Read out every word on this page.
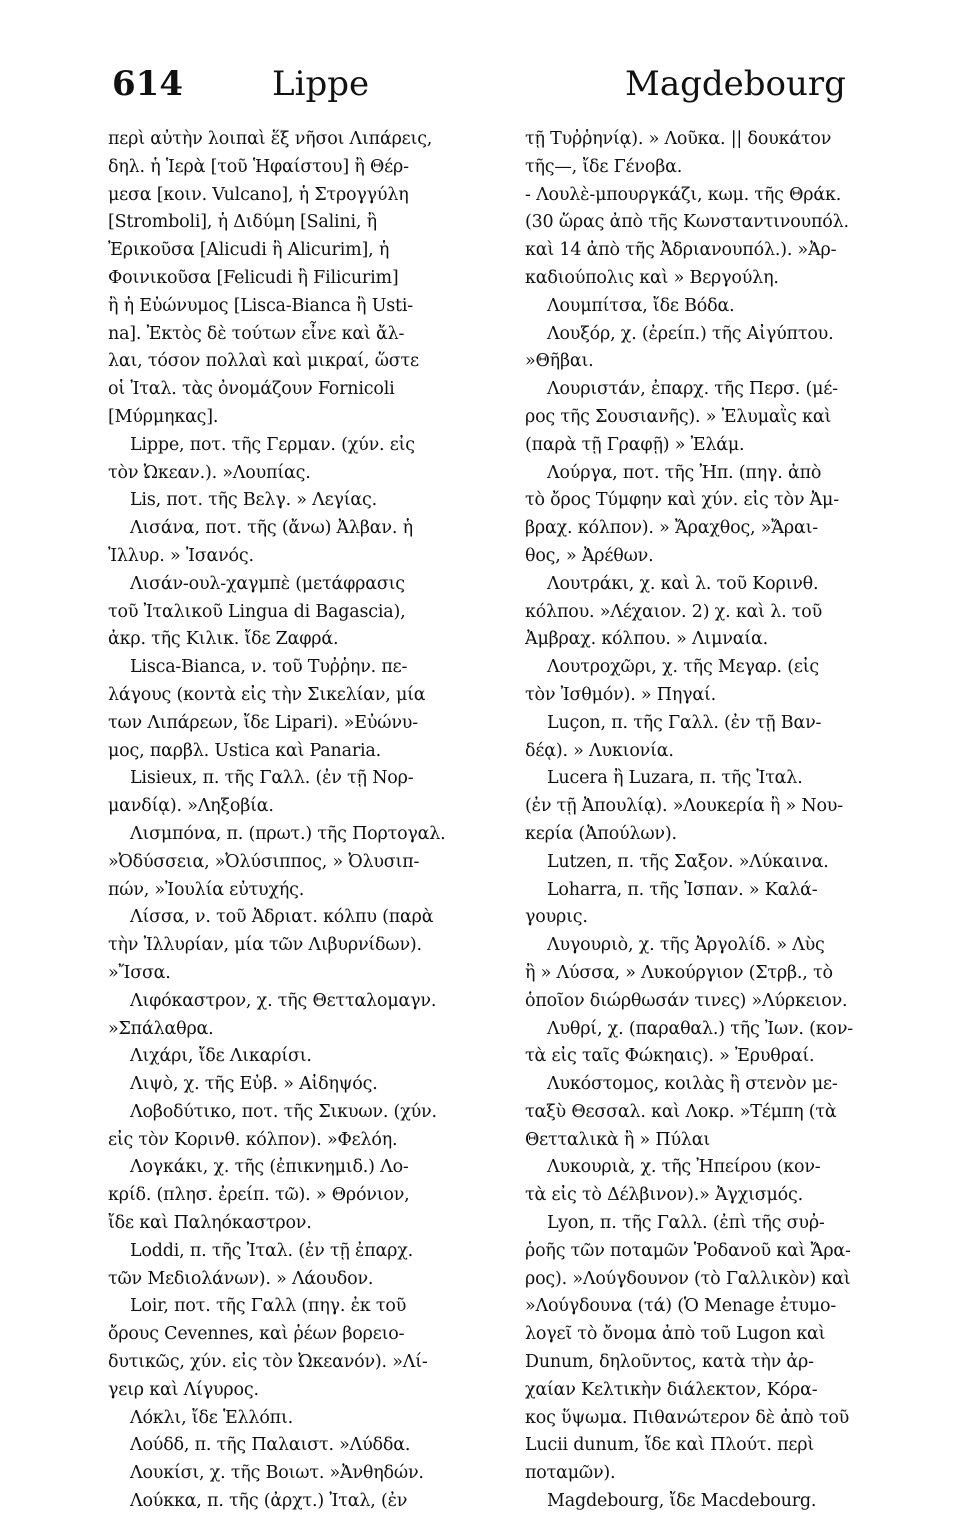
614	Lippe	Magdebourg
περὶ αὐτὴν λοιπαὶ ἕξ νῆσοι Λιπάρεις,
δηλ. ἡ Ἱερὰ [τοῦ Ἡφαίστου] ἢ Θέρ-
μεσα [κοιν. Vulcano], ἡ Στρογγύλη
[Stromboli], ἡ Διδύμη [Salini, ἢ
Ἐρικοῦσα [Alicudi ἢ Alicurim], ἡ
Φοινικοῦσα [Felicudi ἢ Filicurim]
ἢ ἡ Εὐώνυμος [Lisca-Bianca ἢ Usti-
na]. Ἐκτὸς δὲ τούτων εἶνε καὶ ἄλ-
λαι, τόσον πολλαὶ καὶ μικραί, ὥστε
οἱ Ἰταλ. τὰς ὀνομάζουν Fornicoli
[Μύρμηκας].
Lippe, ποτ. τῆς Γερμαν. (χύν. εἰς
τὸν Ὠκεαν.). »Λουπίας.
Lis, ποτ. τῆς Βελγ. » Λεγίας.
Λισάνα, ποτ. τῆς (ἄνω) Ἀλβαν. ἡ
Ἰλλυρ. » Ἰσανός.
Λισάν-ουλ-χαγμπὲ (μετάφρασις
τοῦ Ἰταλικοῦ Lingua di Bagascia),
ἀκρ. τῆς Κιλικ. ἴδε Ζαφρά.
Lisca-Bianca, ν. τοῦ Τυῤῥην. πε-
λάγους (κοντὰ εἰς τὴν Σικελίαν, μία
των Λιπάρεων, ἴδε Lipari). »Εὐώνυ-
μος, παρβλ. Ustica καὶ Panaria.
Lisieux, π. τῆς Γαλλ. (ἐν τῇ Νορ-
μανδίᾳ). »Ληξοβία.
Λισμπόνα, π. (πρωτ.) τῆς Πορτογαλ.
»Ὀδύσσεια, »Ὀλύσιππος, » Ὀλυσιπ-
πών, »Ἰουλία εὐτυχής.
Λίσσα, ν. τοῦ Ἀδριατ. κόλπυ (παρὰ
τὴν Ἰλλυρίαν, μία τῶν Λιβυρνίδων).
»Ἴσσα.
Λιφόκαστρον, χ. τῆς Θετταλομαγν.
»Σπάλαθρα.
Λιχάρι, ἴδε Λικαρίσι.
Λιψὸ, χ. τῆς Εὐβ. » Αἰδηψός.
Λοβοδύτικο, ποτ. τῆς Σικυων. (χύν.
εἰς τὸν Κορινθ. κόλπον). »Φελόη.
Λογκάκι, χ. τῆς (ἐπικνημιδ.) Λο-
κρίδ. (πλησ. ἐρείπ. τῶ). » Θρόνιον,
ἴδε καὶ Παληόκαστρον.
Loddi, π. τῆς Ἰταλ. (ἐν τῇ ἐπαρχ.
τῶν Μεδιολάνων). » Λάουδον.
Loir, ποτ. τῆς Γαλλ (πηγ. ἐκ τοῦ
ὄρους Cevennes, καὶ ῥέων βορειο-
δυτικῶς, χύν. εἰς τὸν Ὠκεανόν). »Λί-
γειρ καὶ Λίγυρος.
Λόκλι, ἴδε Ἑλλόπι.
Λούδδ, π. τῆς Παλαιστ. »Λύδδα.
Λουκίσι, χ. τῆς Βοιωτ. »Ἀνθηδών.
Λούκκα, π. τῆς (ἀρχτ.) Ἰταλ, (ἐν
τῇ Τυῤῥηνίᾳ). » Λοῦκα. || δουκάτον
τῆς—, ἴδε Γένοβα.
- Λουλὲ-μπουργκάζι, κωμ. τῆς Θράκ.
(30 ὥρας ἀπὸ τῆς Κωνσταντινουπόλ.
καὶ 14 ἀπὸ τῆς Ἀδριανουπόλ.). »Ἀρ-
καδιούπολις καὶ » Βεργούλη.
Λουμπίτσα, ἴδε Βόδα.
Λουξόρ, χ. (ἐρείπ.) τῆς Αἰγύπτου.
»Θῆβαι.
Λουριστάν, ἐπαρχ. τῆς Περσ. (μέ-
ρος τῆς Σουσιανῆς). » Ἐλυμαῒς καὶ
(παρὰ τῇ Γραφῇ) » Ἐλάμ.
Λούργα, ποτ. τῆς Ἠπ. (πηγ. ἀπὸ
τὸ ὄρος Τύμφην καὶ χύν. εἰς τὸν Ἀμ-
βραχ. κόλπον). » Ἄραχθος, »Ἄραι-
θος, » Ἀρέθων.
Λουτράκι, χ. καὶ λ. τοῦ Κορινθ.
κόλπου. »Λέχαιον. 2) χ. καὶ λ. τοῦ
Ἀμβραχ. κόλπου. » Λιμναία.
Λουτροχῶρι, χ. τῆς Μεγαρ. (εἰς
τὸν Ἰσθμόν). » Πηγαί.
Luçon, π. τῆς Γαλλ. (ἐν τῇ Βαν-
δέᾳ). » Λυκιονία.
Lucera ἢ Luzara, π. τῆς Ἰταλ.
(ἐν τῇ Ἀπουλίᾳ). »Λουκερία ἢ » Νου-
κερία (Ἀπούλων).
Lutzen, π. τῆς Σαξον. »Λύκαινα.
Loharra, π. τῆς Ἰσπαν. » Καλά-
γουρις.
Λυγουριὸ, χ. τῆς Ἀργολίδ. » Λὺς
ἢ » Λύσσα, » Λυκούργιον (Στρβ., τὸ
ὁποῖον διώρθωσάν τινες) »Λύρκειον.
Λυθρί, χ. (παραθαλ.) τῆς Ἰων. (κον-
τὰ εἰς ταῖς Φώκηαις). » Ἐρυθραί.
Λυκόστομος, κοιλὰς ἢ στενὸν με-
ταξὺ Θεσσαλ. καὶ Λοκρ. »Τέμπη (τὰ
Θετταλικὰ ἢ » Πύλαι
Λυκουριὰ, χ. τῆς Ἠπείρου (κον-
τὰ εἰς τὸ Δέλβινον).» Ἀγχισμός.
Lyon, π. τῆς Γαλλ. (ἐπὶ τῆς συῤ-
ῥοῆς τῶν ποταμῶν Ῥοδανοῦ καὶ Ἄρα-
ρος). »Λούγδουνον (τὸ Γαλλικὸν) καὶ
»Λούγδουνα (τά) (Ὁ Menage ἐτυμο-
λογεῖ τὸ ὄνομα ἀπὸ τοῦ Lugon καὶ
Dunum, δηλοῦντος, κατὰ τὴν ἀρ-
χαίαν Κελτικὴν διάλεκτον, Κόρα-
κος ὕψωμα. Πιθανώτερον δὲ ἀπὸ τοῦ
Lucii dunum, ἴδε καὶ Πλούτ. περὶ
ποταμῶν).
Magdebourg, ἴδε Macdebourg.
